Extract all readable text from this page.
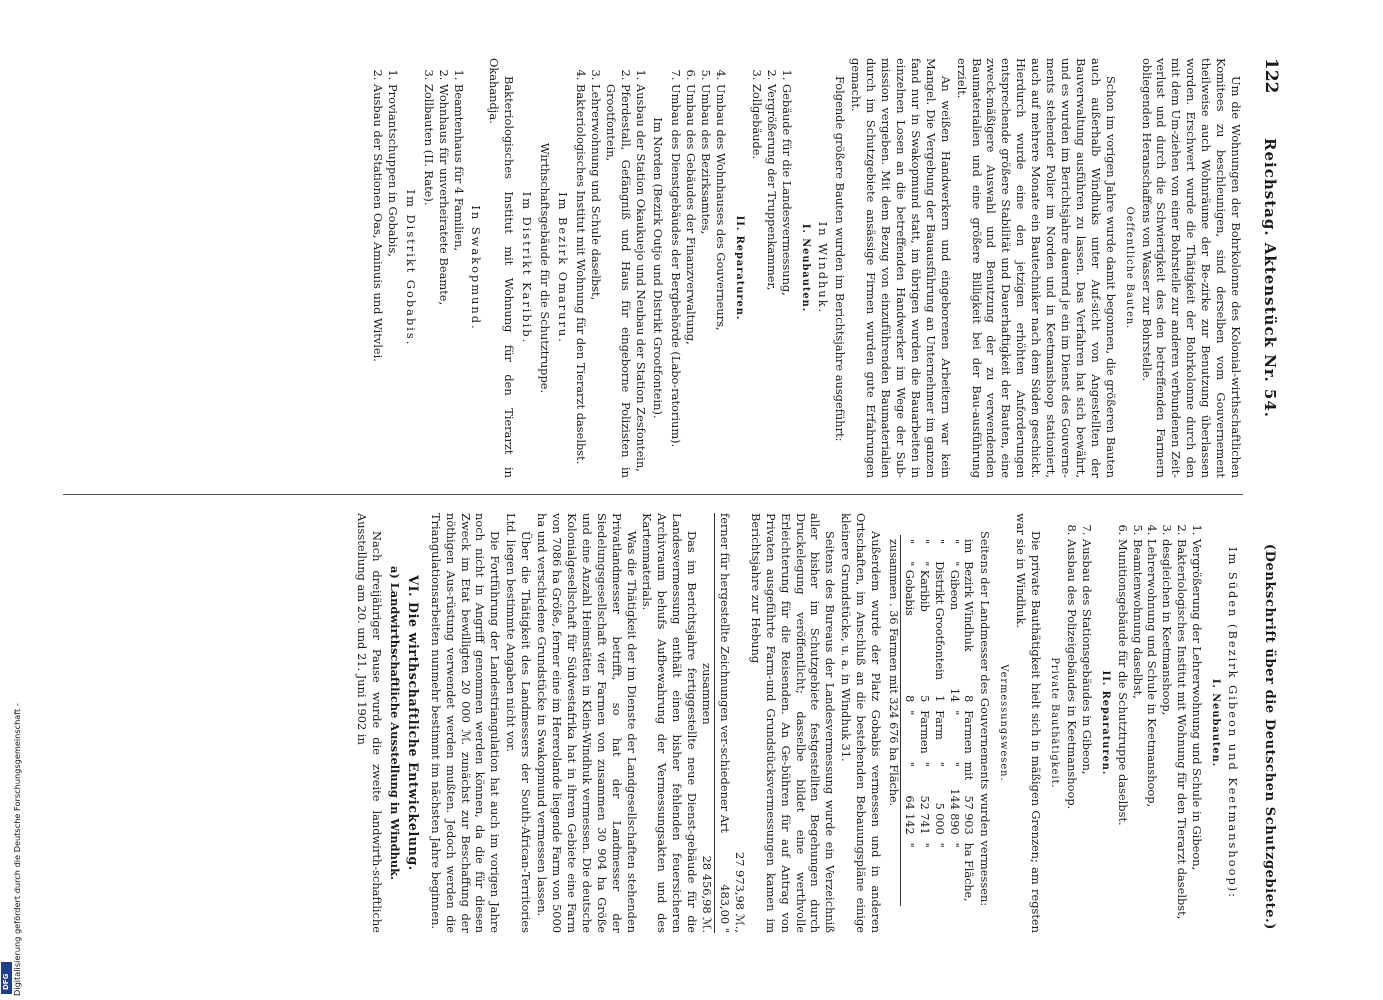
122
Reichstag. Aktenstück Nr. 54.
(Denkschrift über die Deutschen Schutzgebiete.)

Um die Wohnungen der Bohrkolonne des Kolonial-wirthschaftlichen Komitees zu beschleunigen, sind derselben vom Gouvernement theilweise auch Wohnräume der Be-zirke zur Benutzung überlassen worden. Erschwert wurde die Thätigkeit der Bohrkolonne durch den mit dem Um-ziehen von einer Bohrstelle zur anderen verbundenen Zeit-verlust und durch die Schwierigkeit des den betreffenden Farmern obliegenden Heranschaffens von Wasser zur Bohrstelle.

Oeffentliche Bauten.

Schon im vorigen Jahre wurde damit begonnen, die größeren Bauten auch außerhalb Windhuks unter Auf-sicht von Angestellten der Bauverwaltung ausführen zu lassen. Das Verfahren hat sich bewährt, und es wurden im Berichtsjahre dauernd je ein im Dienst des Gouverne-ments stehender Polier im Norden und in Keetmanshoop stationiert, auch auf mehrere Monate ein Bautechniker nach dem Süden geschickt. Hierdurch wurde eine den jetzigen erhöhten Anforderungen entsprechende größere Stabilität und Dauerhaftigkeit der Bauten, eine zweck-mäßigere Auswahl und Benutzung der zu verwendenden Baumaterialien und eine größere Billigkeit bei der Bau-ausführung erzielt.

An weißen Handwerkern und eingeborenen Arbeitern war kein Mangel. Die Vergebung der Bauausführung an Unternehmer im ganzen fand nur in Swakopmund statt, im übrigen wurden die Bauarbeiten in einzelnen Losen an die betreffenden Handwerker im Wege der Sub-mission vergeben. Mit dem Bezug von einzuführenden Baumaterialien durch im Schutzgebiete ansässige Firmen wurden gute Erfahrungen gemacht.

Folgende größere Bauten wurden im Berichtsjahre ausgeführt:

In Windhuk.
I. Neubauten.
1. Gebäude für die Landesvermessung,
2. Vergrößerung der Truppenkammer,
3. Zollgebäude.
II. Reparaturen.
4. Umbau des Wohnhauses des Gouverneurs,
5. Umbau des Bezirksamtes,
6. Umbau des Gebäudes der Finanzverwaltung,
7. Umbau des Dienstgebäudes der Bergbehörde (Labo-ratorium).
Im Norden (Bezirk Outjo und Distrikt Grootfontein).
1. Ausbau der Station Okaukuejo und Neubau der Station Zesfontein,
2. Pferdestall, Gefängniß und Haus für eingeborne Polizisten in Grootfontein,
3. Lehrerwohnung und Schule daselbst,
4. Bakteriologisches Institut mit Wohnung für den Tierarzt daselbst.
Im Bezirk Omaruru.
Wirthschaftsgebäude für die Schutztruppe.
Im Distrikt Karibib.

Bakteriologisches Institut mit Wohnung für den Tierarzt in Okahandja.

In Swakopmund.
1. Beamtenhaus für 4 Familien,
2. Wohnhaus für unverheiratete Beamte,
3. Zollbauten (II. Rate).
Im Distrikt Gobabis.
1. Proviantschuppen in Gobabis,
2. Ausbau der Stationen Oas, Aminuis und Witvlei.
Im Süden (Bezirk Gibeon und Keetmanshoop):
I. Neubauten.
1. Vergrößerung der Lehrerwohnung und Schule in Gibeon,
2. Bakteriologisches Institut mit Wohnung für den Tierarzt daselbst,
3. desgleichen in Keetmanshoop,
4. Lehrerwohnung und Schule in Keetmanshoop,
5. Beamtenwohnung daselbst,
6. Munitionsgebäude für die Schutztruppe daselbst.
II. Reparaturen.
7. Ausbau des Stationsgebäudes in Gibeon,
8. Ausbau des Polizeigebäudes in Keetmanshoop.
Private Bauthätigkeit.

Die private Bauthätigkeit hielt sich in mäßigen Grenzen; am regsten war sie in Windhuk.

Vermessungswesen.

Seitens der Landmesser des Gouvernements wurden vermessen:

im	Bezirk Windhuk	8	Farmen	mit	57 903	ha Fläche,
"	" Gibeon	14	"	"	144 890	"
"	Distrikt Grootfontein	1	Farm	"	5 000	"
"	" Karibib	5	Farmen	"	52 741	"
"	" Gobabis	8	"	"	64 142	"
zusammen . 36 Farmen mit 324 676 ha Fläche.						

Außerdem wurde der Platz Gobabis vermessen und in anderen Ortschaften, im Anschluß an die bestehenden Bebauungspläne einige kleinere Grundstücke, u. a. in Windhuk 31.

Seitens des Bureaus der Landesvermessung wurde ein Verzeichniß aller bisher im Schutzgebiete festgestellten Begehungen durch Druckelegung veröffentlicht; dasselbe bildet eine werthvolle Erleichterung für die Reisenden. An Ge-bühren für auf Antrag von Privaten ausgeführte Farm-und Grundstücksvermessungen kamen im Berichtsjahre zur Hebung

27 973,98 ℳ.,
ferner für hergestellte Zeichnungen ver-schiedener Art
483,00 "
zusammen
28 456,98 ℳ.

Das im Berichtsjahre fertiggestellte neue Dienst-gebäude für die Landesvermessung enthält einen bisher fehlenden feuersicheren Archivraum behufs Aufbewahrung der Vermessungsakten und des Kartenmaterials.

Was die Thätigkeit der im Dienste der Landgesellschaften stehenden Privatlandmesser betrifft, so hat der Landmesser der Siedelungsgesellschaft vier Farmen von zusammen 30 904 ha Größe und eine Anzahl Heimstätten in Klein-Windhuk vermessen. Die deutsche Kolonialgesellschaft für Südwestafrika hat in ihrem Gebiete eine Farm von 7086 ha Größe, ferner eine im Hererolande liegende Farm von 5000 ha und verschiedene Grundstücke in Swakopmund vermessen lassen.

Über die Thätigkeit des Landmessers der South-African-Territories Ltd. liegen bestimmte Angaben nicht vor.

Die Fortführung der Landestriangulation hat auch im vorigen Jahre noch nicht in Angriff genommen werden können, da die für diesen Zweck im Etat bewilligten 20 000 ℳ. zunächst zur Beschaffung der nöthigen Aus-rüstung verwendet werden mußten. Jedoch werden die Triangulationsarbeiten nunmehr bestimmt im nächsten Jahre beginnen.

VI. Die wirthschaftliche Entwickelung.
a) Landwirthschaftliche Ausstellung in Windhuk.

Nach dreijähriger Pause wurde die zweite landwirth-schaftliche Ausstellung am 20. und 21. Juni 1902 in

Digitalisierung gefördert durch die Deutsche Forschungsgemeinschaft -
DFG
